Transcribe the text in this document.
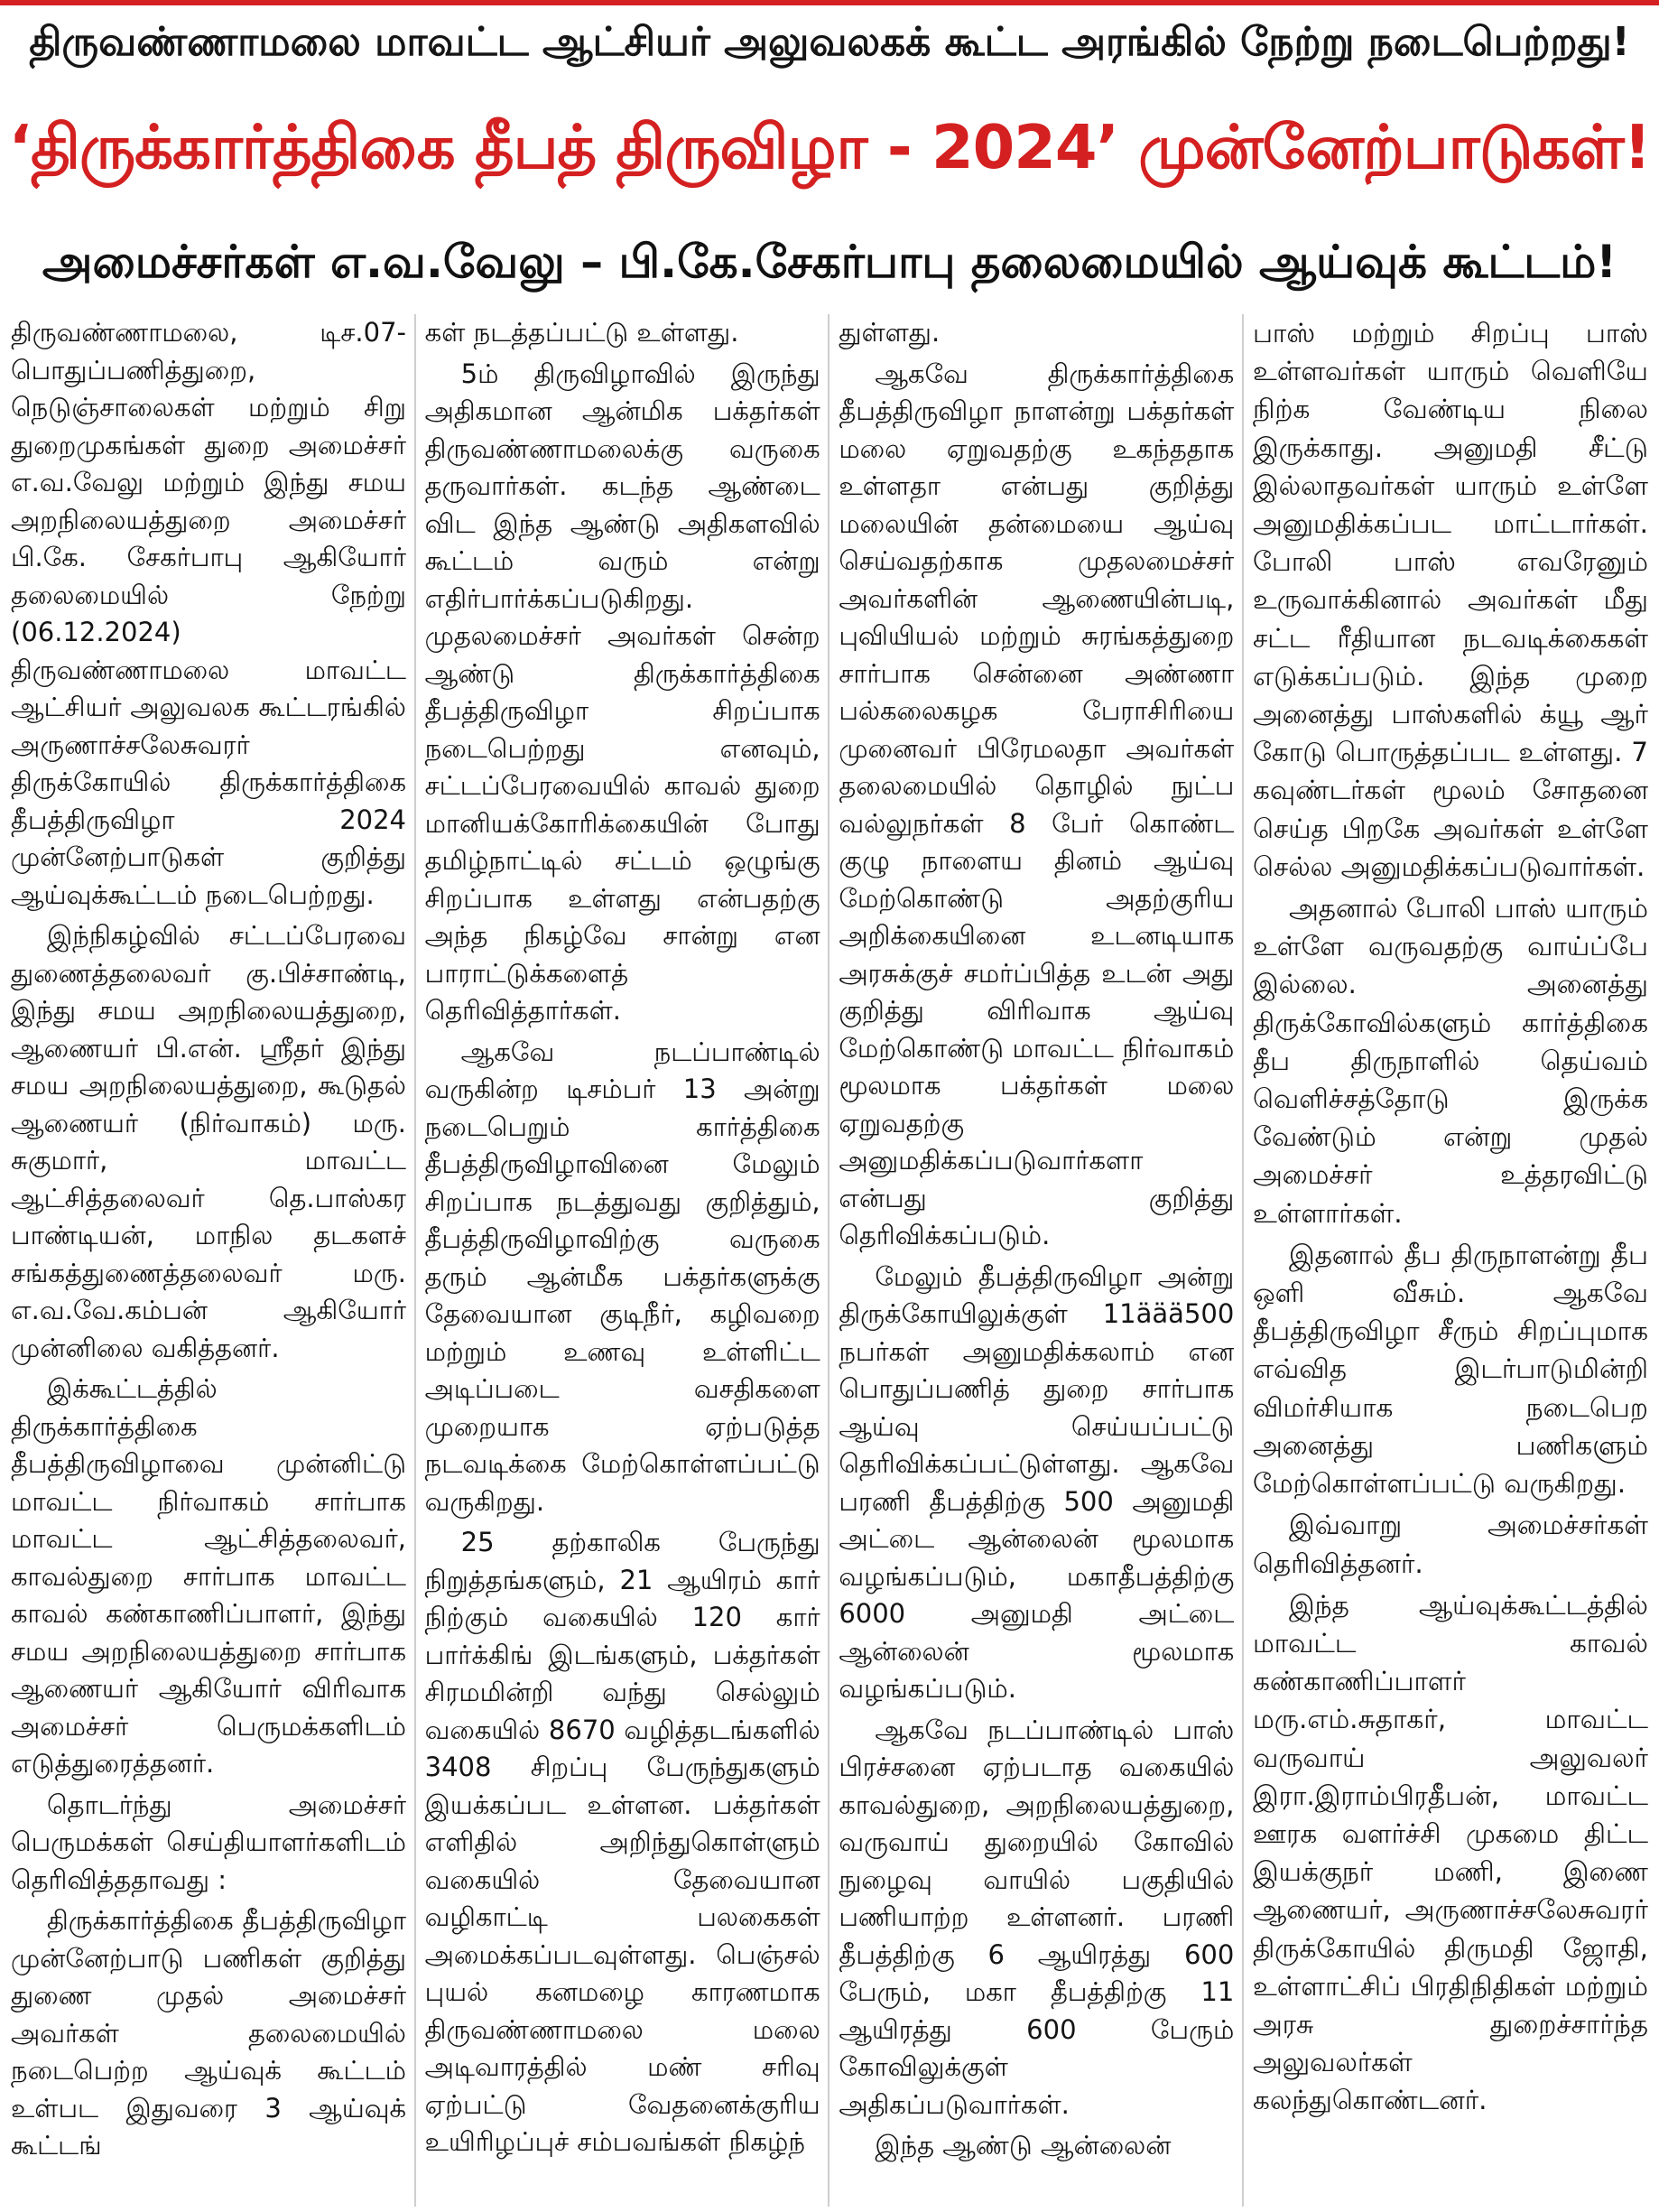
திருவண்ணாமலை மாவட்ட ஆட்சியர் அலுவலகக் கூட்ட அரங்கில் நேற்று நடைபெற்றது!
‘திருக்கார்த்திகை தீபத் திருவிழா - 2024’ முன்னேற்பாடுகள்!
அமைச்சர்கள் எ.வ.வேலு – பி.கே.சேகர்பாபு தலைமையில் ஆய்வுக் கூட்டம்!

திருவண்ணாமலை, டிச.07- பொதுப்பணித்துறை, நெடுஞ்சாலைகள் மற்றும் சிறு துறைமுகங்கள் துறை அமைச்சர் எ.வ.வேலு மற்றும் இந்து சமய அறநிலையத்துறை அமைச்சர் பி.கே. சேகர்பாபு ஆகியோர் தலைமையில் நேற்று (06.12.2024) திருவண்ணாமலை மாவட்ட ஆட்சியர் அலுவலக கூட்டரங்கில் அருணாச்சலேசுவரர் திருக்கோயில் திருக்கார்த்திகை தீபத்திருவிழா 2024 முன்னேற்பாடுகள் குறித்து ஆய்வுக்கூட்டம் நடைபெற்றது.

இந்நிகழ்வில் சட்டப்பேரவை துணைத்தலைவர் கு.பிச்சாண்டி, இந்து சமய அறநிலையத்துறை, ஆணையர் பி.என். ஸ்ரீதர் இந்து சமய அறநிலையத்துறை, கூடுதல் ஆணையர் (நிர்வாகம்) மரு. சுகுமார், மாவட்ட ஆட்சித்தலைவர் தெ.பாஸ்கர பாண்டியன், மாநில தடகளச் சங்கத்துணைத்தலைவர் மரு. எ.வ.வே.கம்பன் ஆகியோர் முன்னிலை வகித்தனர்.

இக்கூட்டத்தில் திருக்கார்த்திகை தீபத்திருவிழாவை முன்னிட்டு மாவட்ட நிர்வாகம் சார்பாக மாவட்ட ஆட்சித்தலைவர், காவல்துறை சார்பாக மாவட்ட காவல் கண்காணிப்பாளர், இந்து சமய அறநிலையத்துறை சார்பாக ஆணையர் ஆகியோர் விரிவாக அமைச்சர் பெருமக்களிடம் எடுத்துரைத்தனர்.

தொடர்ந்து அமைச்சர் பெருமக்கள் செய்தியாளர்களிடம் தெரிவித்ததாவது :

திருக்கார்த்திகை தீபத்திருவிழா முன்னேற்பாடு பணிகள் குறித்து துணை முதல் அமைச்சர் அவர்கள் தலைமையில் நடைபெற்ற ஆய்வுக் கூட்டம் உள்பட இதுவரை 3 ஆய்வுக் கூட்டங்

கள் நடத்தப்பட்டு உள்ளது.

5ம் திருவிழாவில் இருந்து அதிகமான ஆன்மிக பக்தர்கள் திருவண்ணாமலைக்கு வருகை தருவார்கள். கடந்த ஆண்டை விட இந்த ஆண்டு அதிகளவில் கூட்டம் வரும் என்று எதிர்பார்க்கப்படுகிறது. முதலமைச்சர் அவர்கள் சென்ற ஆண்டு திருக்கார்த்திகை தீபத்திருவிழா சிறப்பாக நடைபெற்றது எனவும், சட்டப்பேரவையில் காவல் துறை மானியக்கோரிக்கையின் போது தமிழ்நாட்டில் சட்டம் ஒழுங்கு சிறப்பாக உள்ளது என்பதற்கு அந்த நிகழ்வே சான்று என பாராட்டுக்களைத் தெரிவித்தார்கள்.

ஆகவே நடப்பாண்டில் வருகின்ற டிசம்பர் 13 அன்று நடைபெறும் கார்த்திகை தீபத்திருவிழாவினை மேலும் சிறப்பாக நடத்துவது குறித்தும், தீபத்திருவிழாவிற்கு வருகை தரும் ஆன்மீக பக்தர்களுக்கு தேவையான குடிநீர், கழிவறை மற்றும் உணவு உள்ளிட்ட அடிப்படை வசதிகளை முறையாக ஏற்படுத்த நடவடிக்கை மேற்கொள்ளப்பட்டு வருகிறது.

25 தற்காலிக பேருந்து நிறுத்தங்களும், 21 ஆயிரம் கார் நிற்கும் வகையில் 120 கார் பார்க்கிங் இடங்களும், பக்தர்கள் சிரமமின்றி வந்து செல்லும் வகையில் 8670 வழித்தடங்களில் 3408 சிறப்பு பேருந்துகளும் இயக்கப்பட உள்ளன. பக்தர்கள் எளிதில் அறிந்துகொள்ளும் வகையில் தேவையான வழிகாட்டி பலகைகள் அமைக்கப்படவுள்ளது. பெஞ்சல் புயல் கனமழை காரணமாக திருவண்ணாமலை மலை அடிவாரத்தில் மண் சரிவு ஏற்பட்டு வேதனைக்குரிய உயிரிழப்புச் சம்பவங்கள் நிகழ்ந்

துள்ளது.

ஆகவே திருக்கார்த்திகை தீபத்திருவிழா நாளன்று பக்தர்கள் மலை ஏறுவதற்கு உகந்ததாக உள்ளதா என்பது குறித்து மலையின் தன்மையை ஆய்வு செய்வதற்காக முதலமைச்சர் அவர்களின் ஆணையின்படி, புவியியல் மற்றும் சுரங்கத்துறை சார்பாக சென்னை அண்ணா பல்கலைகழக பேராசிரியை முனைவர் பிரேமலதா அவர்கள் தலைமையில் தொழில் நுட்ப வல்லுநர்கள் 8 பேர் கொண்ட குழு நாளைய தினம் ஆய்வு மேற்கொண்டு அதற்குரிய அறிக்கையினை உடனடியாக அரசுக்குச் சமர்ப்பித்த உடன் அது குறித்து விரிவாக ஆய்வு மேற்கொண்டு மாவட்ட நிர்வாகம் மூலமாக பக்தர்கள் மலை ஏறுவதற்கு அனுமதிக்கப்படுவார்களா என்பது குறித்து தெரிவிக்கப்படும்.

மேலும் தீபத்திருவிழா அன்று திருக்கோயிலுக்குள் 11äää500 நபர்கள் அனுமதிக்கலாம் என பொதுப்பணித் துறை சார்பாக ஆய்வு செய்யப்பட்டு தெரிவிக்கப்பட்டுள்ளது. ஆகவே பரணி தீபத்திற்கு 500 அனுமதி அட்டை ஆன்லைன் மூலமாக வழங்கப்படும், மகாதீபத்திற்கு 6000 அனுமதி அட்டை ஆன்லைன் மூலமாக வழங்கப்படும்.

ஆகவே நடப்பாண்டில் பாஸ் பிரச்சனை ஏற்படாத வகையில் காவல்துறை, அறநிலையத்துறை, வருவாய் துறையில் கோவில் நுழைவு வாயில் பகுதியில் பணியாற்ற உள்ளனர். பரணி தீபத்திற்கு 6 ஆயிரத்து 600 பேரும், மகா தீபத்திற்கு 11 ஆயிரத்து 600 பேரும் கோவிலுக்குள் அதிகப்படுவார்கள்.

இந்த ஆண்டு ஆன்லைன்

பாஸ் மற்றும் சிறப்பு பாஸ் உள்ளவர்கள் யாரும் வெளியே நிற்க வேண்டிய நிலை இருக்காது. அனுமதி சீட்டு இல்லாதவர்கள் யாரும் உள்ளே அனுமதிக்கப்பட மாட்டார்கள். போலி பாஸ் எவரேனும் உருவாக்கினால் அவர்கள் மீது சட்ட ரீதியான நடவடிக்கைகள் எடுக்கப்படும். இந்த முறை அனைத்து பாஸ்களில் க்யூ ஆர் கோடு பொருத்தப்பட உள்ளது. 7 கவுண்டர்கள் மூலம் சோதனை செய்த பிறகே அவர்கள் உள்ளே செல்ல அனுமதிக்கப்படுவார்கள்.

அதனால் போலி பாஸ் யாரும் உள்ளே வருவதற்கு வாய்ப்பே இல்லை. அனைத்து திருக்கோவில்களும் கார்த்திகை தீப திருநாளில் தெய்வம் வெளிச்சத்தோடு இருக்க வேண்டும் என்று முதல் அமைச்சர் உத்தரவிட்டு உள்ளார்கள்.

இதனால் தீப திருநாளன்று தீப ஒளி வீசும். ஆகவே தீபத்திருவிழா சீரும் சிறப்புமாக எவ்வித இடர்பாடுமின்றி விமர்சியாக நடைபெற அனைத்து பணிகளும் மேற்கொள்ளப்பட்டு வருகிறது.

இவ்வாறு அமைச்சர்கள் தெரிவித்தனர்.

இந்த ஆய்வுக்கூட்டத்தில் மாவட்ட காவல் கண்காணிப்பாளர் மரு.எம்.சுதாகர், மாவட்ட வருவாய் அலுவலர் இரா.இராம்பிரதீபன், மாவட்ட ஊரக வளர்ச்சி முகமை திட்ட இயக்குநர் மணி, இணை ஆணையர், அருணாச்சலேசுவரர் திருக்கோயில் திருமதி ஜோதி, உள்ளாட்சிப் பிரதிநிதிகள் மற்றும் அரசு துறைச்சார்ந்த அலுவலர்கள் கலந்துகொண்டனர்.
